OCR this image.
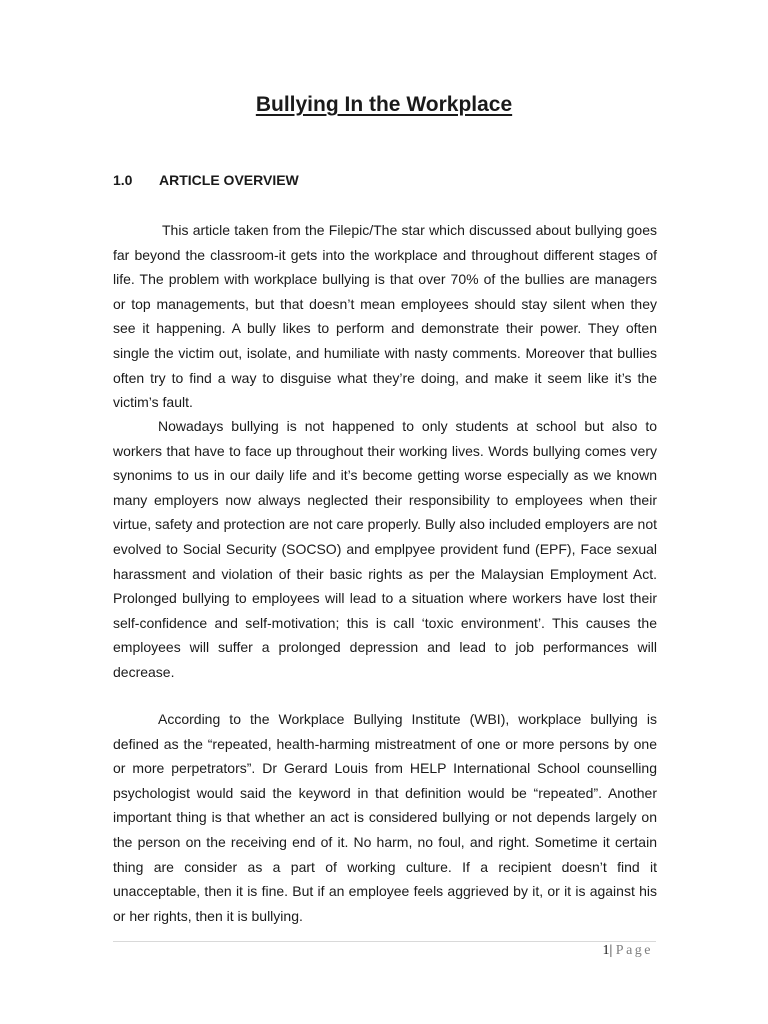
Bullying In the Workplace
1.0 ARTICLE OVERVIEW

This article taken from the Filepic/The star which discussed about bullying goes far beyond the classroom-it gets into the workplace and throughout different stages of life. The problem with workplace bullying is that over 70% of the bullies are managers or top managements, but that doesn’t mean employees should stay silent when they see it happening. A bully likes to perform and demonstrate their power. They often single the victim out, isolate, and humiliate with nasty comments. Moreover that bullies often try to find a way to disguise what they’re doing, and make it seem like it’s the victim’s fault.

Nowadays bullying is not happened to only students at school but also to workers that have to face up throughout their working lives. Words bullying comes very synonims to us in our daily life and it’s become getting worse especially as we known many employers now always neglected their responsibility to employees when their virtue, safety and protection are not care properly. Bully also included employers are not evolved to Social Security (SOCSO) and emplpyee provident fund (EPF), Face sexual harassment and violation of their basic rights as per the Malaysian Employment Act. Prolonged bullying to employees will lead to a situation where workers have lost their self-confidence and self-motivation; this is call ‘toxic environment’. This causes the employees will suffer a prolonged depression and lead to job performances will decrease.

According to the Workplace Bullying Institute (WBI), workplace bullying is defined as the “repeated, health-harming mistreatment of one or more persons by one or more perpetrators”. Dr Gerard Louis from HELP International School counselling psychologist would said the keyword in that definition would be “repeated”. Another important thing is that whether an act is considered bullying or not depends largely on the person on the receiving end of it. No harm, no foul, and right. Sometime it certain thing are consider as a part of working culture. If a recipient doesn’t find it unacceptable, then it is fine. But if an employee feels aggrieved by it, or it is against his or her rights, then it is bullying.

1| Page
